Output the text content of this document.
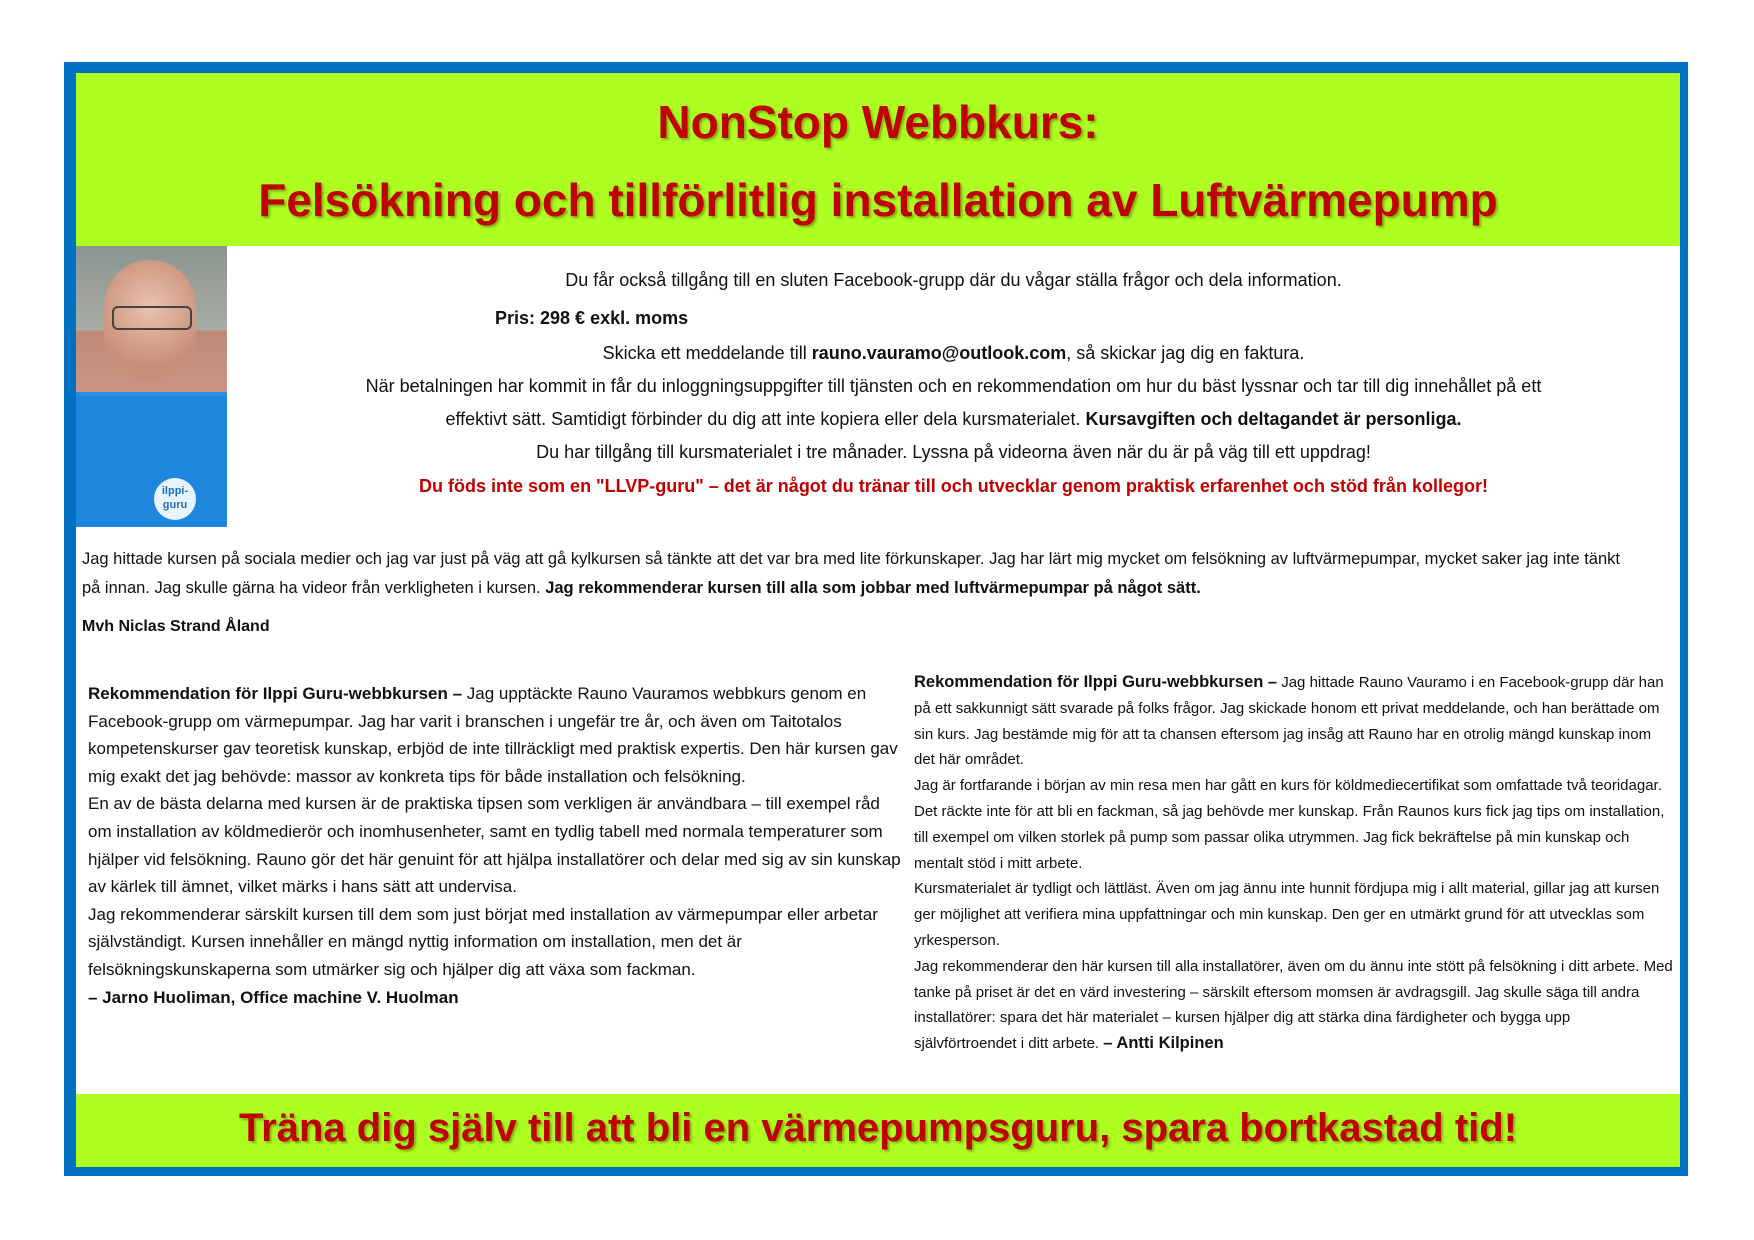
NonStop Webbkurs:
Felsökning och tillförlitlig installation av Luftvärmepump
ilppi-guru
Du får också tillgång till en sluten Facebook-grupp där du vågar ställa frågor och dela information.
Pris: 298 € exkl. moms
Skicka ett meddelande till rauno.vauramo@outlook.com, så skickar jag dig en faktura.
När betalningen har kommit in får du inloggningsuppgifter till tjänsten och en rekommendation om hur du bäst lyssnar och tar till dig innehållet på ett
effektivt sätt. Samtidigt förbinder du dig att inte kopiera eller dela kursmaterialet. Kursavgiften och deltagandet är personliga.
Du har tillgång till kursmaterialet i tre månader. Lyssna på videorna även när du är på väg till ett uppdrag!
Du föds inte som en "LLVP-guru" – det är något du tränar till och utvecklar genom praktisk erfarenhet och stöd från kollegor!
Jag hittade kursen på sociala medier och jag var just på väg att gå kylkursen så tänkte att det var bra med lite förkunskaper. Jag har lärt mig mycket om felsökning av luftvärmepumpar, mycket saker jag inte tänkt på innan. Jag skulle gärna ha videor från verkligheten i kursen. Jag rekommenderar kursen till alla som jobbar med luftvärmepumpar på något sätt.
Mvh Niclas Strand Åland

Rekommendation för Ilppi Guru-webbkursen – Jag upptäckte Rauno Vauramos webbkurs genom en Facebook-grupp om värmepumpar. Jag har varit i branschen i ungefär tre år, och även om Taitotalos kompetenskurser gav teoretisk kunskap, erbjöd de inte tillräckligt med praktisk expertis. Den här kursen gav mig exakt det jag behövde: massor av konkreta tips för både installation och felsökning.

En av de bästa delarna med kursen är de praktiska tipsen som verkligen är användbara – till exempel råd om installation av köldmedierör och inomhusenheter, samt en tydlig tabell med normala temperaturer som hjälper vid felsökning. Rauno gör det här genuint för att hjälpa installatörer och delar med sig av sin kunskap av kärlek till ämnet, vilket märks i hans sätt att undervisa.

Jag rekommenderar särskilt kursen till dem som just börjat med installation av värmepumpar eller arbetar självständigt. Kursen innehåller en mängd nyttig information om installation, men det är felsökningskunskaperna som utmärker sig och hjälper dig att växa som fackman.

– Jarno Huoliman, Office machine V. Huolman

Rekommendation för Ilppi Guru-webbkursen – Jag hittade Rauno Vauramo i en Facebook-grupp där han på ett sakkunnigt sätt svarade på folks frågor. Jag skickade honom ett privat meddelande, och han berättade om sin kurs. Jag bestämde mig för att ta chansen eftersom jag insåg att Rauno har en otrolig mängd kunskap inom det här området.

Jag är fortfarande i början av min resa men har gått en kurs för köldmediecertifikat som omfattade två teoridagar. Det räckte inte för att bli en fackman, så jag behövde mer kunskap. Från Raunos kurs fick jag tips om installation, till exempel om vilken storlek på pump som passar olika utrymmen. Jag fick bekräftelse på min kunskap och mentalt stöd i mitt arbete.

Kursmaterialet är tydligt och lättläst. Även om jag ännu inte hunnit fördjupa mig i allt material, gillar jag att kursen ger möjlighet att verifiera mina uppfattningar och min kunskap. Den ger en utmärkt grund för att utvecklas som yrkesperson.

Jag rekommenderar den här kursen till alla installatörer, även om du ännu inte stött på felsökning i ditt arbete. Med tanke på priset är det en värd investering – särskilt eftersom momsen är avdragsgill. Jag skulle säga till andra installatörer: spara det här materialet – kursen hjälper dig att stärka dina färdigheter och bygga upp självförtroendet i ditt arbete. – Antti Kilpinen

Träna dig själv till att bli en värmepumpsguru, spara bortkastad tid!
